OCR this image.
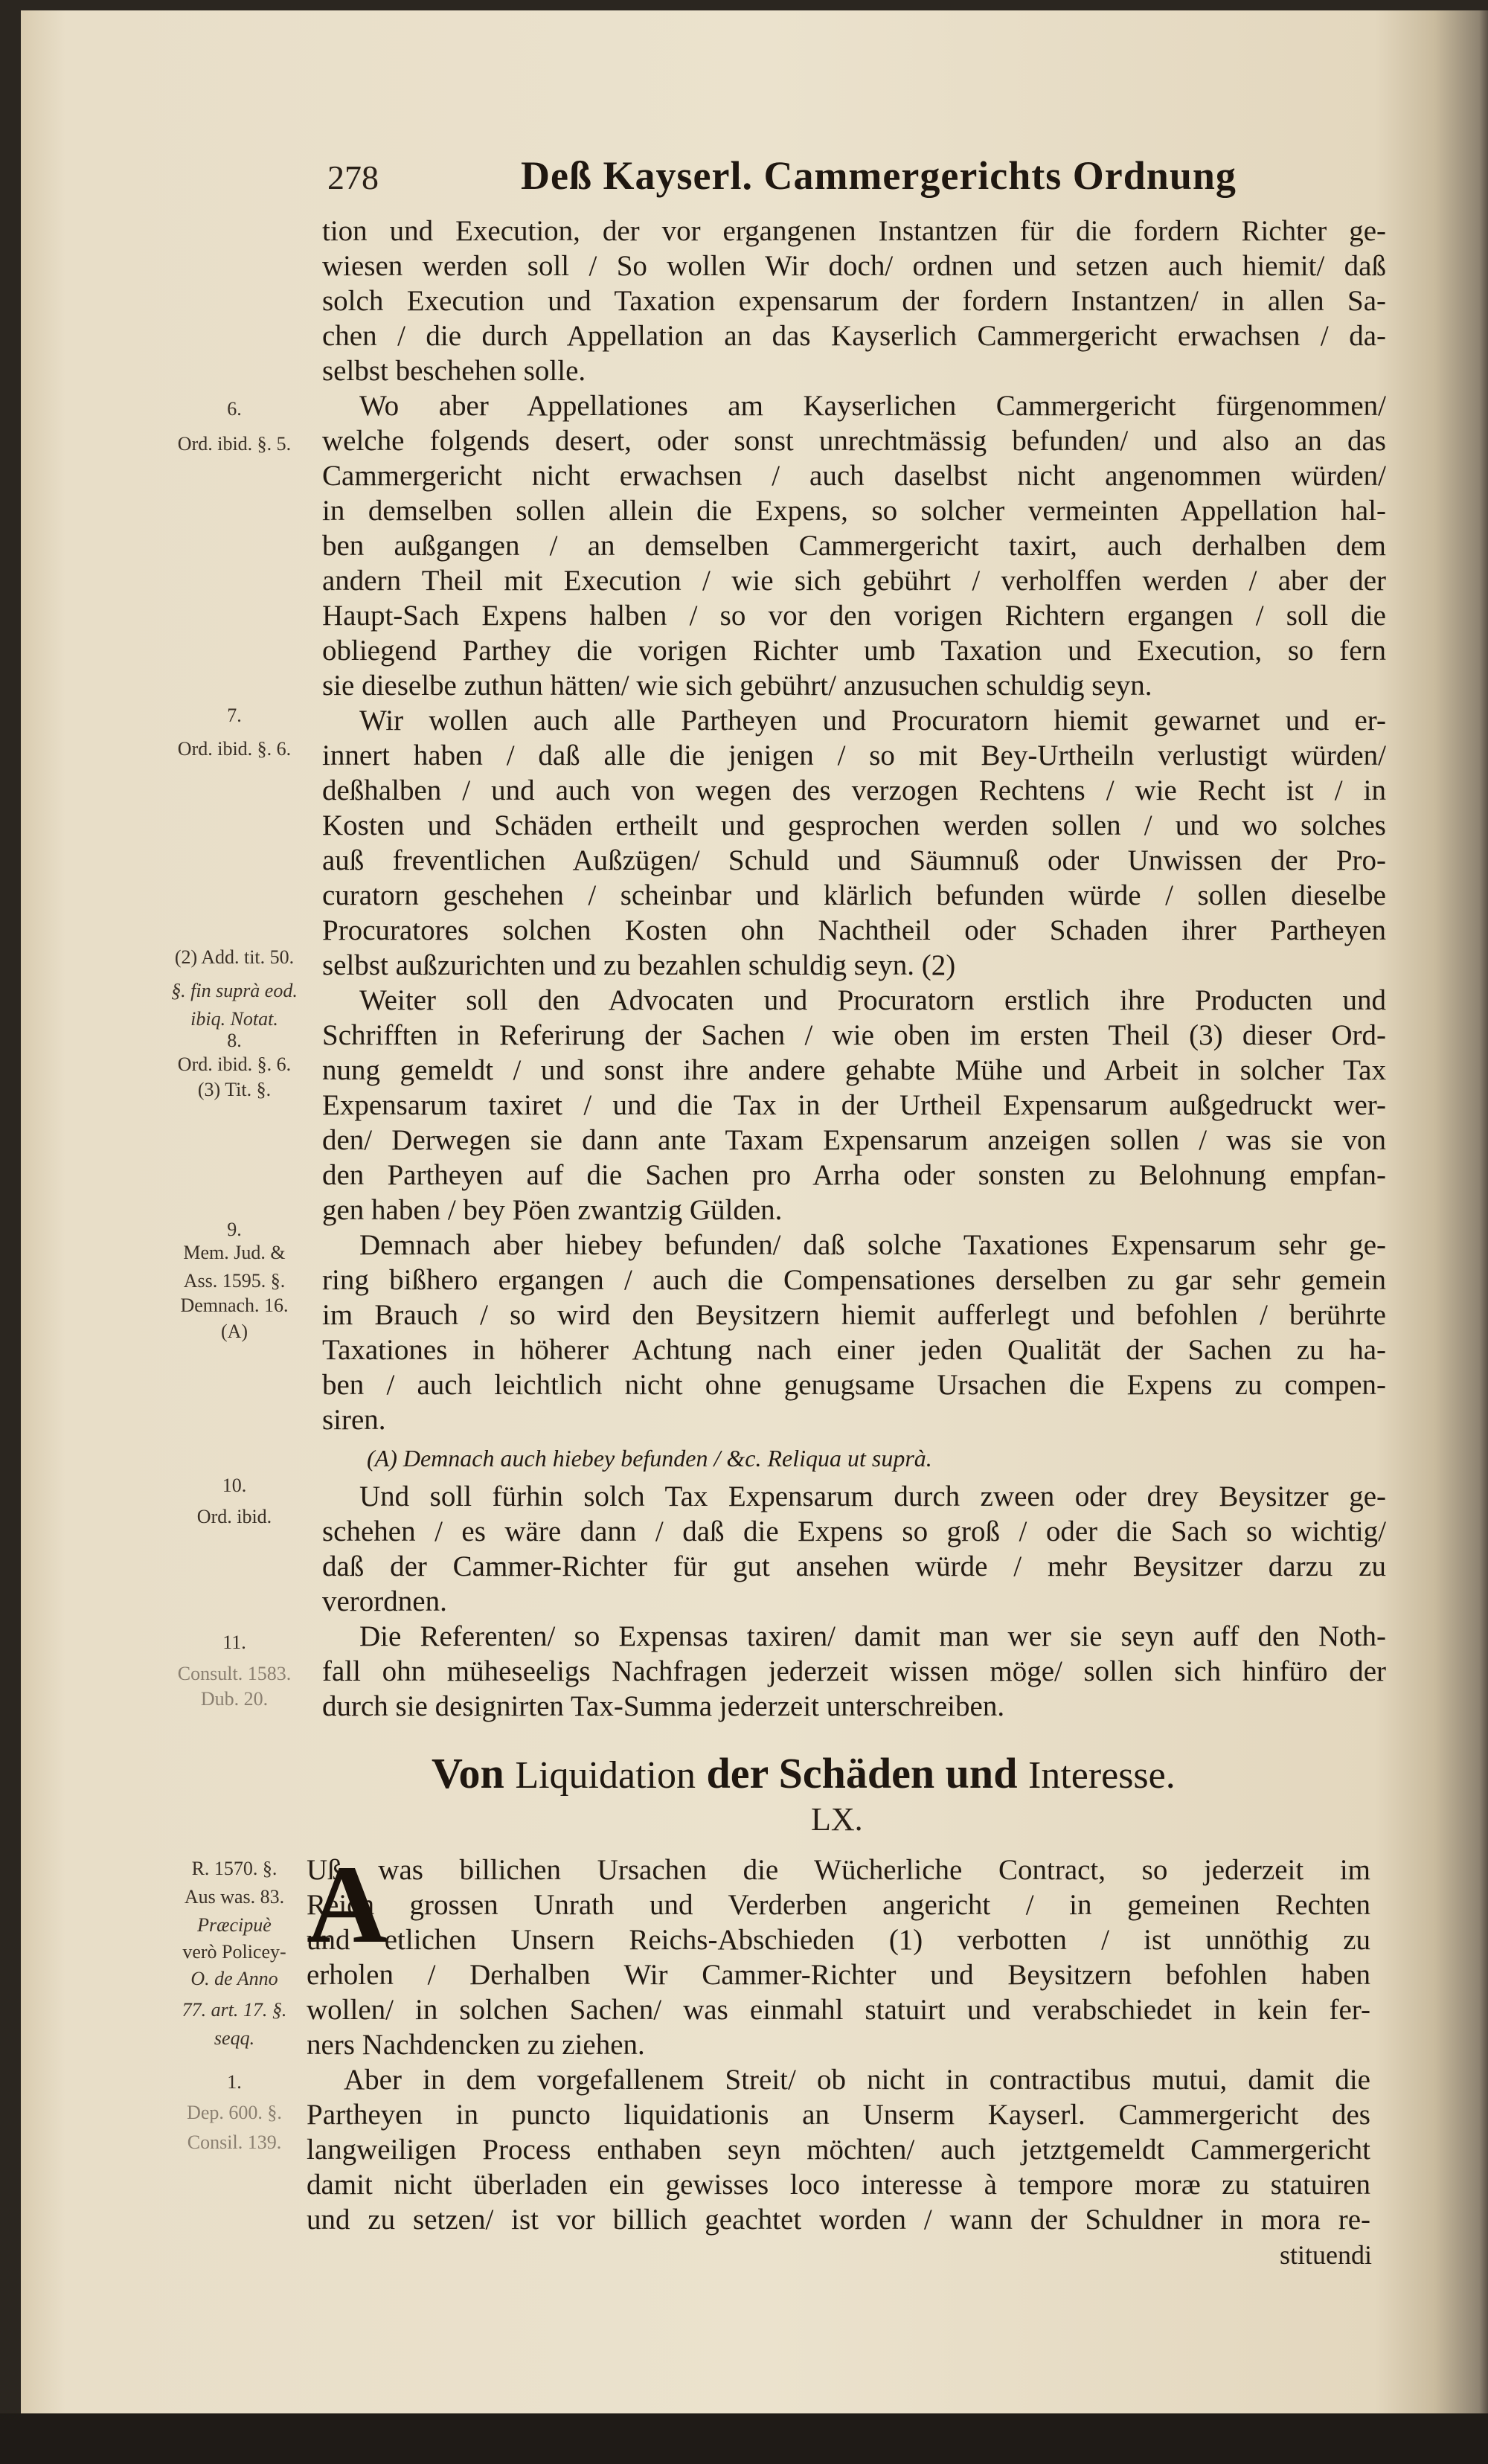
278	Deß Kayserl. Cammergerichts Ordnung
tion und Execution, der vor ergangenen Instantzen für die fordern Richter ge-
wiesen werden soll / So wollen Wir doch/ ordnen und setzen auch hiemit/ daß
solch Execution und Taxation expensarum der fordern Instantzen/ in allen Sa-
chen / die durch Appellation an das Kayserlich Cammergericht erwachsen / da-
selbst beschehen solle.
Wo aber Appellationes am Kayserlichen Cammergericht fürgenommen/
welche folgends desert, oder sonst unrechtmässig befunden/ und also an das
Cammergericht nicht erwachsen / auch daselbst nicht angenommen würden/
in demselben sollen allein die Expens, so solcher vermeinten Appellation hal-
ben außgangen / an demselben Cammergericht taxirt, auch derhalben dem
andern Theil mit Execution / wie sich gebührt / verholffen werden / aber der
Haupt-Sach Expens halben / so vor den vorigen Richtern ergangen / soll die
obliegend Parthey die vorigen Richter umb Taxation und Execution, so fern
sie dieselbe zuthun hätten/ wie sich gebührt/ anzusuchen schuldig seyn.
Wir wollen auch alle Partheyen und Procuratorn hiemit gewarnet und er-
innert haben / daß alle die jenigen / so mit Bey-Urtheiln verlustigt würden/
deßhalben / und auch von wegen des verzogen Rechtens / wie Recht ist / in
Kosten und Schäden ertheilt und gesprochen werden sollen / und wo solches
auß freventlichen Außzügen/ Schuld und Säumnuß oder Unwissen der Pro-
curatorn geschehen / scheinbar und klärlich befunden würde / sollen dieselbe
Procuratores solchen Kosten ohn Nachtheil oder Schaden ihrer Partheyen
selbst außzurichten und zu bezahlen schuldig seyn. (2)
Weiter soll den Advocaten und Procuratorn erstlich ihre Producten und
Schrifften in Referirung der Sachen / wie oben im ersten Theil (3) dieser Ord-
nung gemeldt / und sonst ihre andere gehabte Mühe und Arbeit in solcher Tax
Expensarum taxiret / und die Tax in der Urtheil Expensarum außgedruckt wer-
den/ Derwegen sie dann ante Taxam Expensarum anzeigen sollen / was sie von
den Partheyen auf die Sachen pro Arrha oder sonsten zu Belohnung empfan-
gen haben / bey Pöen zwantzig Gülden.
Demnach aber hiebey befunden/ daß solche Taxationes Expensarum sehr ge-
ring bißhero ergangen / auch die Compensationes derselben zu gar sehr gemein
im Brauch / so wird den Beysitzern hiemit aufferlegt und befohlen / berührte
Taxationes in höherer Achtung nach einer jeden Qualität der Sachen zu ha-
ben / auch leichtlich nicht ohne genugsame Ursachen die Expens zu compen-
siren.
(A) Demnach auch hiebey befunden / &c. Reliqua ut suprà.
Und soll fürhin solch Tax Expensarum durch zween oder drey Beysitzer ge-
schehen / es wäre dann / daß die Expens so groß / oder die Sach so wichtig/
daß der Cammer-Richter für gut ansehen würde / mehr Beysitzer darzu zu
verordnen.
Die Referenten/ so Expensas taxiren/ damit man wer sie seyn auff den Noth-
fall ohn müheseeligs Nachfragen jederzeit wissen möge/ sollen sich hinfüro der
durch sie designirten Tax-Summa jederzeit unterschreiben.
Von Liquidation der Schäden und Interesse.
LX.
A
Uß was billichen Ursachen die Wücherliche Contract, so jederzeit im
Reich grossen Unrath und Verderben angericht / in gemeinen Rechten
und etlichen Unsern Reichs-Abschieden (1) verbotten / ist unnöthig zu
erholen / Derhalben Wir Cammer-Richter und Beysitzern befohlen haben
wollen/ in solchen Sachen/ was einmahl statuirt und verabschiedet in kein fer-
ners Nachdencken zu ziehen.
Aber in dem vorgefallenem Streit/ ob nicht in contractibus mutui, damit die
Partheyen in puncto liquidationis an Unserm Kayserl. Cammergericht des
langweiligen Process enthaben seyn möchten/ auch jetztgemeldt Cammergericht
damit nicht überladen ein gewisses loco interesse à tempore moræ zu statuiren
und zu setzen/ ist vor billich geachtet worden / wann der Schuldner in mora re-
stituendi
6.
Ord. ibid. §. 5.
7.
Ord. ibid. §. 6.
(2) Add. tit. 50.
§. fin suprà eod.
ibiq. Notat.
8.
Ord. ibid. §. 6.
(3) Tit. §.
9.
Mem. Jud. &
Ass. 1595. §.
Demnach. 16.
(A)
10.
Ord. ibid.
11.
Consult. 1583.
Dub. 20.
R. 1570. §.
Aus was. 83.
Præcipuè
verò Policey-
O. de Anno
77. art. 17. §.
seqq.
1.
Dep. 600. §.
Consil. 139.
